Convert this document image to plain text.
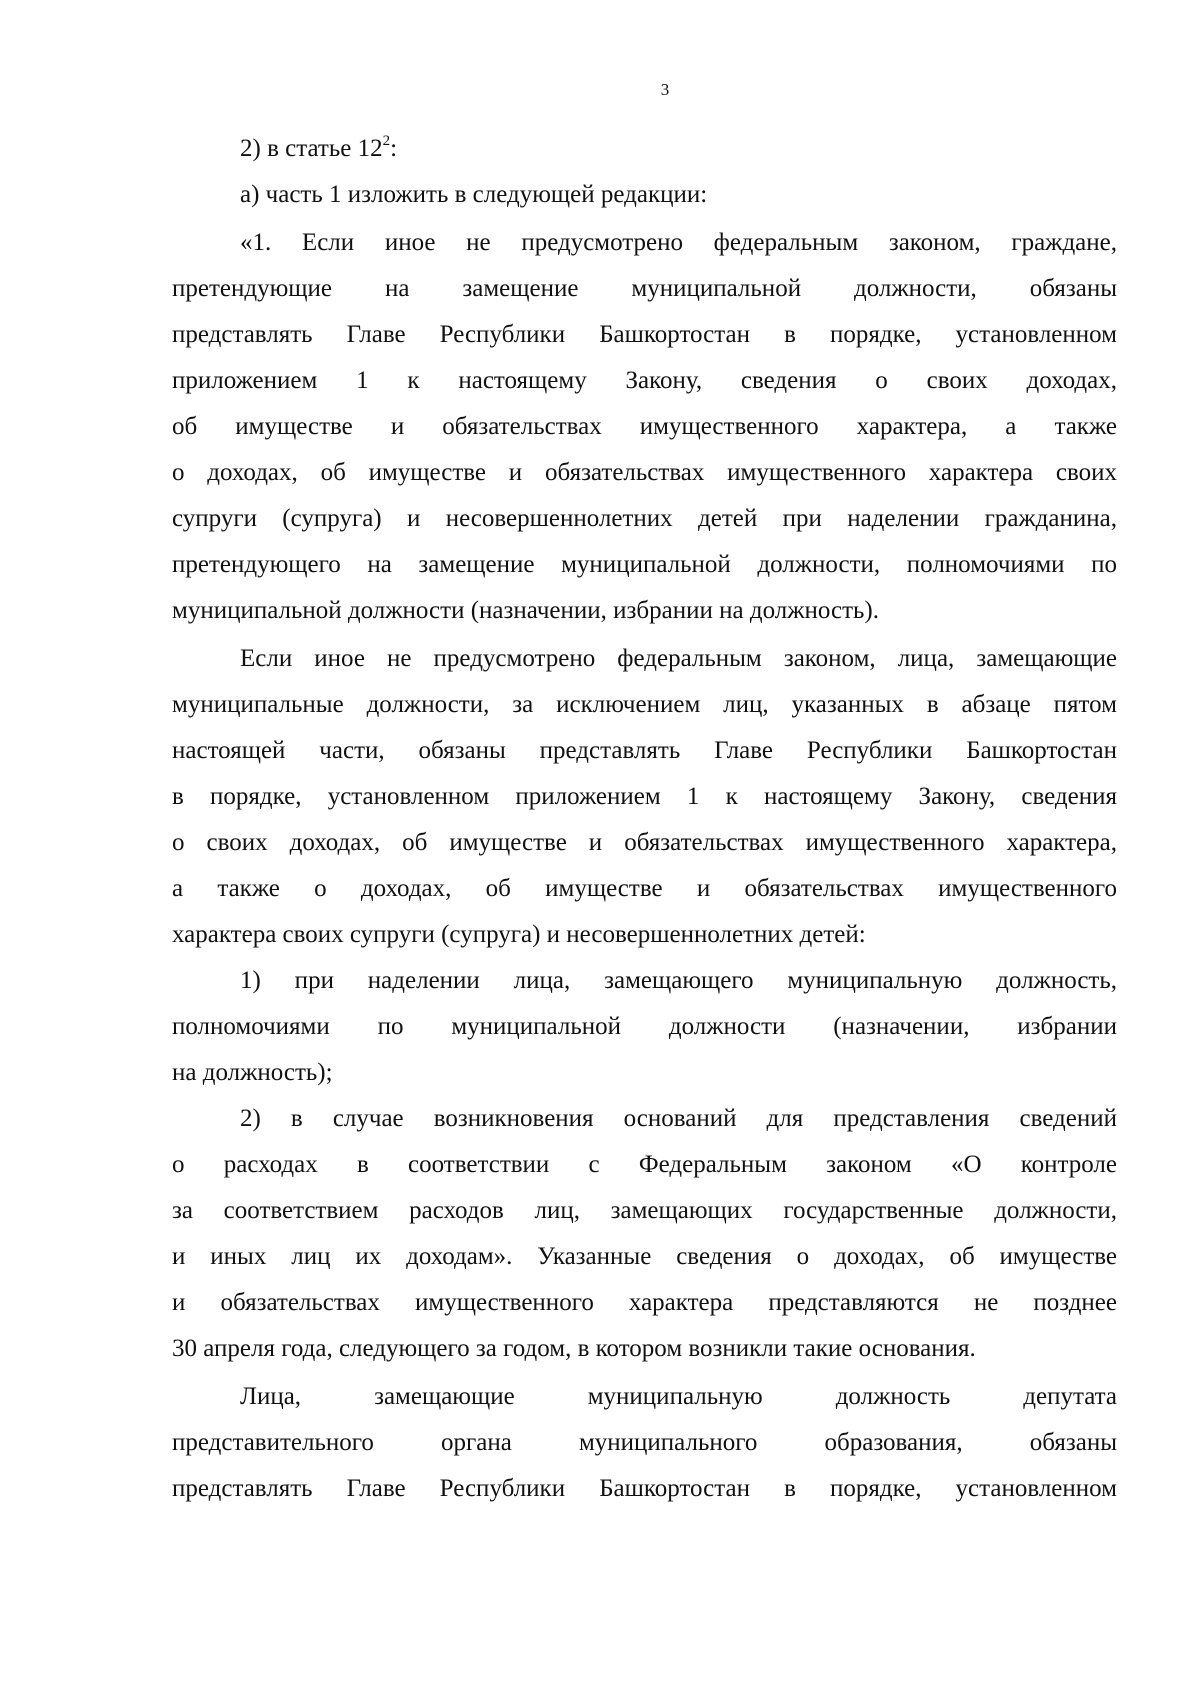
3
2) в статье $12^2$:
а) часть 1 изложить в следующей редакции:
«1. Если иное не предусмотрено федеральным законом, граждане,
претендующие на замещение муниципальной должности, обязаны
представлять Главе Республики Башкортостан в порядке, установленном
приложением 1 к настоящему Закону, сведения о своих доходах,
об имуществе и обязательствах имущественного характера, а также
о доходах, об имуществе и обязательствах имущественного характера своих
супруги (супруга) и несовершеннолетних детей при наделении гражданина,
претендующего на замещение муниципальной должности, полномочиями по
муниципальной должности (назначении, избрании на должность).
Если иное не предусмотрено федеральным законом, лица, замещающие
муниципальные должности, за исключением лиц, указанных в абзаце пятом
настоящей части, обязаны представлять Главе Республики Башкортостан
в порядке, установленном приложением 1 к настоящему Закону, сведения
о своих доходах, об имуществе и обязательствах имущественного характера,
а также о доходах, об имуществе и обязательствах имущественного
характера своих супруги (супруга) и несовершеннолетних детей:
1) при наделении лица, замещающего муниципальную должность,
полномочиями по муниципальной должности (назначении, избрании
на должность);
2) в случае возникновения оснований для представления сведений
о расходах в соответствии с Федеральным законом «О контроле
за соответствием расходов лиц, замещающих государственные должности,
и иных лиц их доходам». Указанные сведения о доходах, об имуществе
и обязательствах имущественного характера представляются не позднее
30 апреля года, следующего за годом, в котором возникли такие основания.
Лица, замещающие муниципальную должность депутата
представительного органа муниципального образования, обязаны
представлять Главе Республики Башкортостан в порядке, установленном
